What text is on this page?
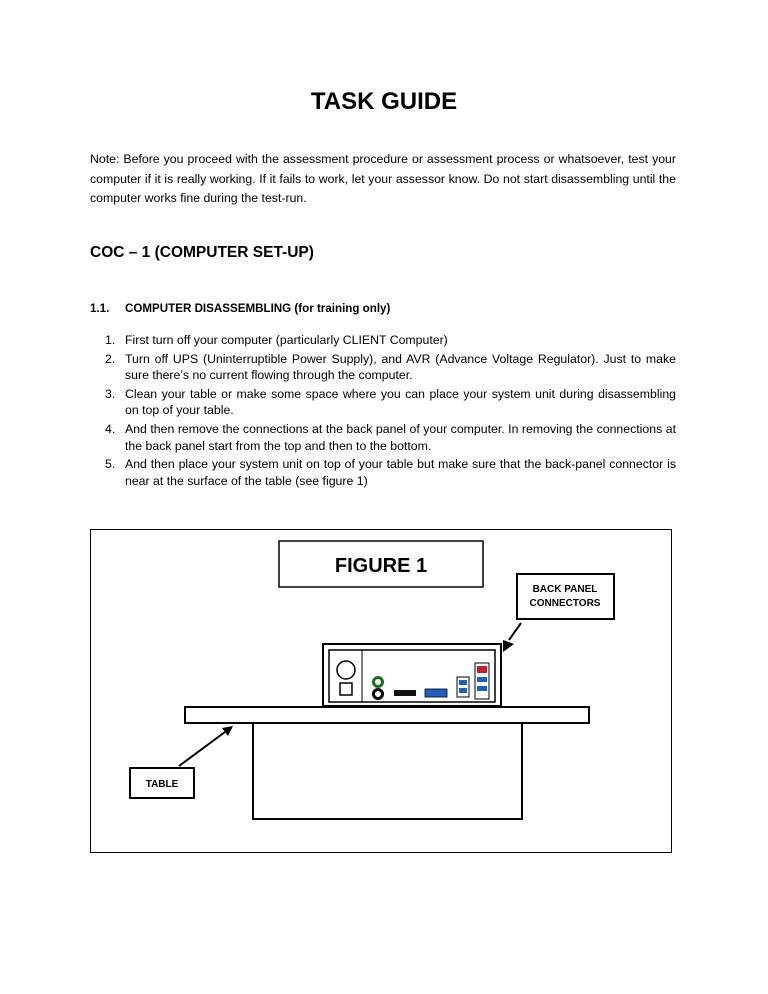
TASK GUIDE
Note: Before you proceed with the assessment procedure or assessment process or whatsoever, test your computer if it is really working. If it fails to work, let your assessor know. Do not start disassembling until the computer works fine during the test-run.
COC – 1 (COMPUTER SET-UP)
1.1. COMPUTER DISASSEMBLING (for training only)
1. First turn off your computer (particularly CLIENT Computer)
2. Turn off UPS (Uninterruptible Power Supply), and AVR (Advance Voltage Regulator). Just to make sure there’s no current flowing through the computer.
3. Clean your table or make some space where you can place your system unit during disassembling on top of your table.
4. And then remove the connections at the back panel of your computer. In removing the connections at the back panel start from the top and then to the bottom.
5. And then place your system unit on top of your table but make sure that the back-panel connector is near at the surface of the table (see figure 1)
FIGURE 1
BACK PANEL
CONNECTORS
TABLE
